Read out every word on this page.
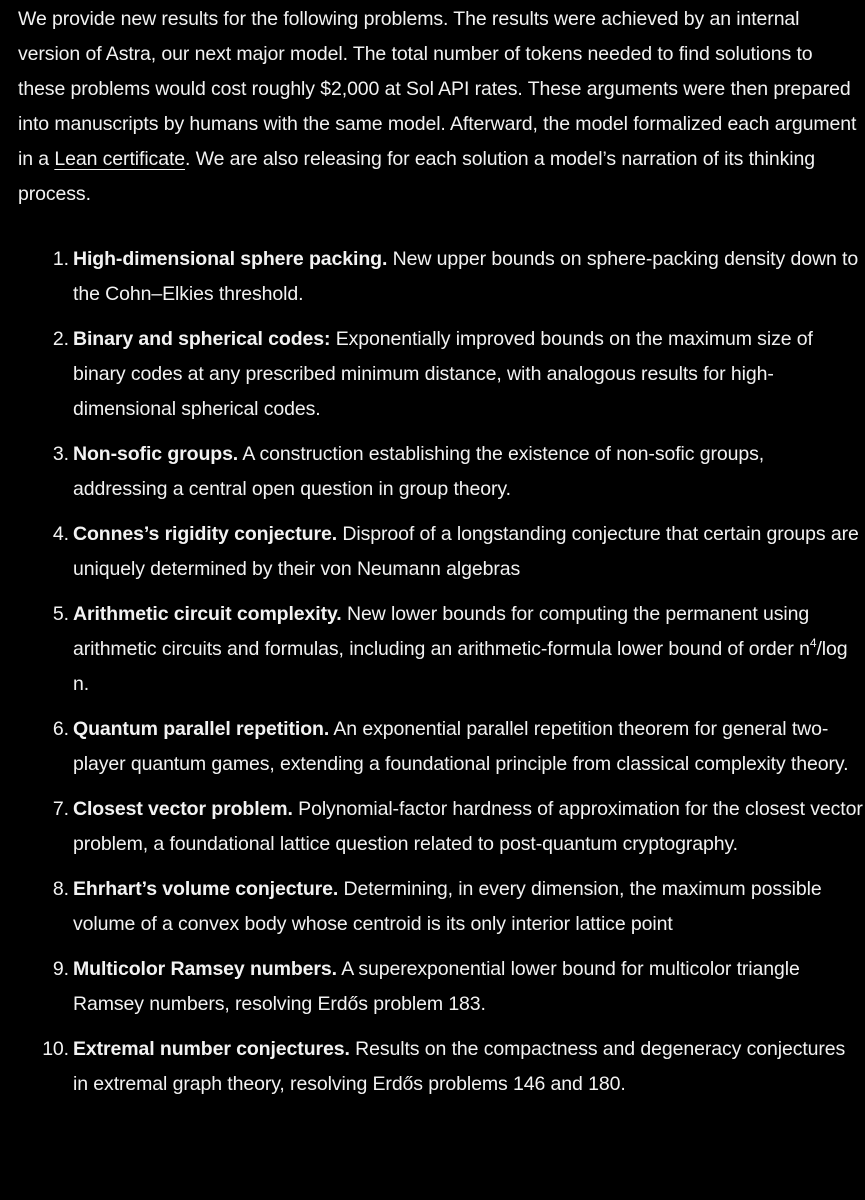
We provide new results for the following problems. The results were achieved by an internal version of Astra, our next major model. The total number of tokens needed to find solutions to these problems would cost roughly $2,000 at Sol API rates. These arguments were then prepared into manuscripts by humans with the same model. Afterward, the model formalized each argument in a Lean certificate. We are also releasing for each solution a model’s narration of its thinking process.

1. High-dimensional sphere packing. New upper bounds on sphere-packing density down to the Cohn–Elkies threshold.
2. Binary and spherical codes: Exponentially improved bounds on the maximum size of binary codes at any prescribed minimum distance, with analogous results for high-dimensional spherical codes.
3. Non-sofic groups. A construction establishing the existence of non-sofic groups, addressing a central open question in group theory.
4. Connes’s rigidity conjecture. Disproof of a longstanding conjecture that certain groups are uniquely determined by their von Neumann algebras
5. Arithmetic circuit complexity. New lower bounds for computing the permanent using arithmetic circuits and formulas, including an arithmetic-formula lower bound of order $n^4/\log$ n.
6. Quantum parallel repetition. An exponential parallel repetition theorem for general two-player quantum games, extending a foundational principle from classical complexity theory.
7. Closest vector problem. Polynomial-factor hardness of approximation for the closest vector problem, a foundational lattice question related to post-quantum cryptography.
8. Ehrhart’s volume conjecture. Determining, in every dimension, the maximum possible volume of a convex body whose centroid is its only interior lattice point
9. Multicolor Ramsey numbers. A superexponential lower bound for multicolor triangle Ramsey numbers, resolving Erdős problem 183.
10. Extremal number conjectures. Results on the compactness and degeneracy conjectures in extremal graph theory, resolving Erdős problems 146 and 180.
